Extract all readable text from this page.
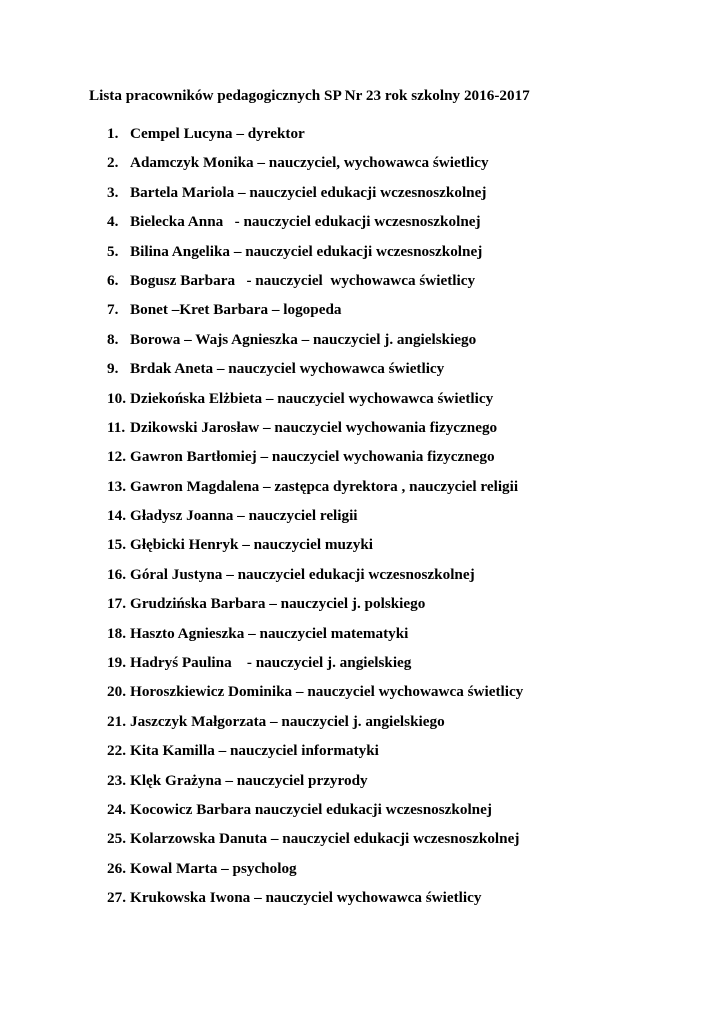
Lista pracowników pedagogicznych SP Nr 23 rok szkolny 2016-2017
1. Cempel Lucyna – dyrektor
2. Adamczyk Monika – nauczyciel, wychowawca świetlicy
3. Bartela Mariola – nauczyciel edukacji wczesnoszkolnej
4. Bielecka Anna   - nauczyciel edukacji wczesnoszkolnej
5. Bilina Angelika – nauczyciel edukacji wczesnoszkolnej
6. Bogusz Barbara   - nauczyciel  wychowawca świetlicy
7. Bonet –Kret Barbara – logopeda
8. Borowa – Wajs Agnieszka – nauczyciel j. angielskiego
9. Brdak Aneta – nauczyciel wychowawca świetlicy
10. Dziekońska Elżbieta – nauczyciel wychowawca świetlicy
11. Dzikowski Jarosław – nauczyciel wychowania fizycznego
12. Gawron Bartłomiej – nauczyciel wychowania fizycznego
13. Gawron Magdalena – zastępca dyrektora , nauczyciel religii
14. Gładysz Joanna – nauczyciel religii
15. Głębicki Henryk – nauczyciel muzyki
16. Góral Justyna – nauczyciel edukacji wczesnoszkolnej
17. Grudzińska Barbara – nauczyciel j. polskiego
18. Haszto Agnieszka – nauczyciel matematyki
19. Hadryś Paulina    - nauczyciel j. angielskieg
20. Horoszkiewicz Dominika – nauczyciel wychowawca świetlicy
21. Jaszczyk Małgorzata – nauczyciel j. angielskiego
22. Kita Kamilla – nauczyciel informatyki
23. Klęk Grażyna – nauczyciel przyrody
24. Kocowicz Barbara nauczyciel edukacji wczesnoszkolnej
25. Kolarzowska Danuta – nauczyciel edukacji wczesnoszkolnej
26. Kowal Marta – psycholog
27. Krukowska Iwona – nauczyciel wychowawca świetlicy
